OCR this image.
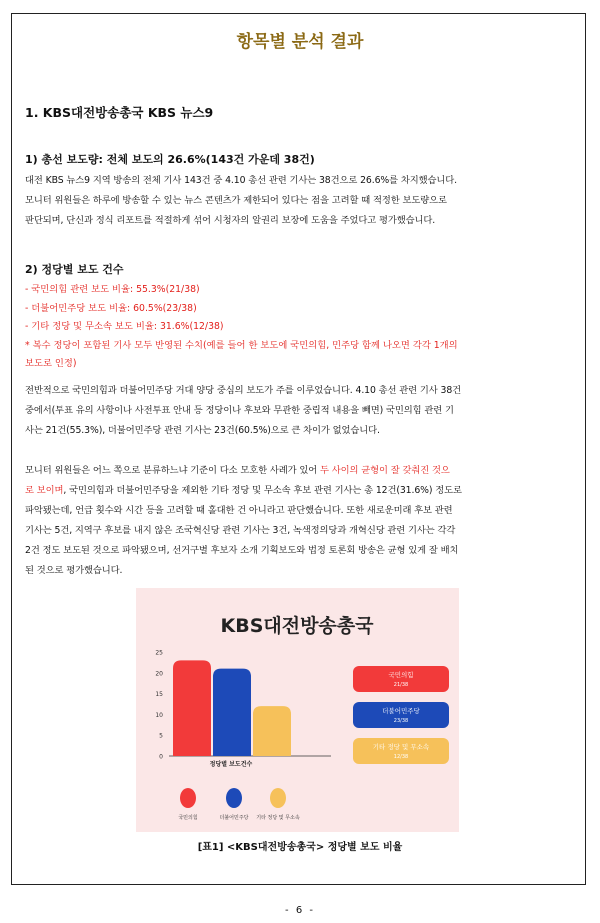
항목별 분석 결과
1. KBS대전방송총국 KBS 뉴스9
1) 총선 보도량: 전체 보도의 26.6%(143건 가운데 38건)
대전 KBS 뉴스9 지역 방송의 전체 기사 143건 중 4.10 총선 관련 기사는 38건으로 26.6%를 차지했습니다.
모니터 위원들은 하루에 방송할 수 있는 뉴스 콘텐츠가 제한되어 있다는 점을 고려할 때 적정한 보도량으로
판단되며, 단신과 정식 리포트를 적절하게 섞어 시청자의 알권리 보장에 도움을 주었다고 평가했습니다.
2) 정당별 보도 건수
- 국민의힘 관련 보도 비율: 55.3%(21/38)
- 더불어민주당 보도 비율: 60.5%(23/38)
- 기타 정당 및 무소속 보도 비율: 31.6%(12/38)
* 복수 정당이 포함된 기사 모두 반영된 수치(예를 들어 한 보도에 국민의힘, 민주당 함께 나오면 각각 1개의
보도로 인정)
전반적으로 국민의힘과 더불어민주당 거대 양당 중심의 보도가 주를 이루었습니다. 4.10 총선 관련 기사 38건
중에서(투표 유의 사항이나 사전투표 안내 등 정당이나 후보와 무관한 중립적 내용을 빼면) 국민의힘 관련 기
사는 21건(55.3%), 더불어민주당 관련 기사는 23건(60.5%)으로 큰 차이가 없었습니다.
모니터 위원들은 어느 쪽으로 분류하느냐 기준이 다소 모호한 사례가 있어 두 사이의 균형이 잘 갖춰진 것으
로 보이며, 국민의힘과 더불어민주당을 제외한 기타 정당 및 무소속 후보 관련 기사는 총 12건(31.6%) 정도로
파악됐는데, 언급 횟수와 시간 등을 고려할 때 홀대한 건 아니라고 판단했습니다. 또한 새로운미래 후보 관련
기사는 5건, 지역구 후보를 내지 않은 조국혁신당 관련 기사는 3건, 녹색정의당과 개혁신당 관련 기사는 각각
2건 정도 보도된 것으로 파악됐으며, 선거구별 후보자 소개 기획보도와 법정 토론회 방송은 균형 있게 잘 배치
된 것으로 평가했습니다.
KBS대전방송총국
25
20
15
10
5
0
정당별 보도건수
국민의힘
21/38
더불어민주당
23/38
기타 정당 및 무소속
12/38
국민의힘	더불어민주당 기타 정당 및 무소속
[표1] <KBS대전방송총국> 정당별 보도 비율
- 6 -
